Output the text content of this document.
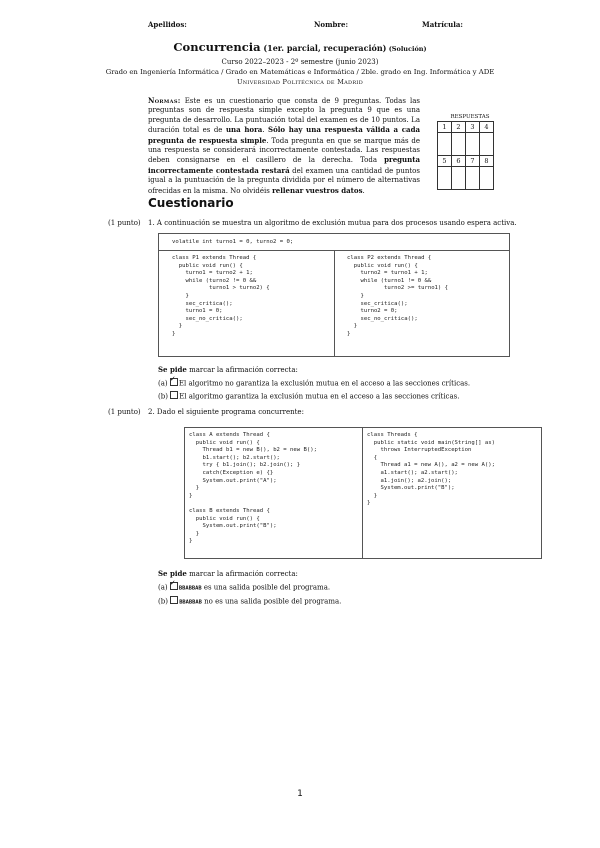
Apellidos:	Nombre:	Matrícula:
Concurrencia (1er. parcial, recuperación) (Solución)
Curso 2022–2023 - 2º semestre (junio 2023)
Grado en Ingeniería Informática / Grado en Matemáticas e Informática / 2ble. grado en Ing. Informática y ADE
Universidad Politécnica de Madrid
Normas: Este es un cuestionario que consta de 9 preguntas. Todas las preguntas son de respuesta simple excepto la pregunta 9 que es una pregunta de desarrollo. La puntuación total del examen es de 10 puntos. La duración total es de una hora. Sólo hay una respuesta válida a cada pregunta de respuesta simple. Toda pregunta en que se marque más de una respuesta se considerará incorrectamente contestada. Las respuestas deben consignarse en el casillero de la derecha. Toda pregunta incorrectamente contestada restará del examen una cantidad de puntos igual a la puntuación de la pregunta dividida por el número de alternativas ofrecidas en la misma. No olvidéis rellenar vuestros datos.
RESPUESTAS
1	2	3	4

5	6	7	8

Cuestionario
(1 punto) 1. A continuación se muestra un algoritmo de exclusión mutua para dos procesos usando espera activa.
volatile int turno1 = 0, turno2 = 0;
class P1 extends Thread {
public void run() {
turno1 = turno2 + 1;
while (turno2 != 0 &&
turno1 > turno2) {
}
sec_critica();
turno1 = 0;
sec_no_critica();
}
}
class P2 extends Thread {
public void run() {
turno2 = turno1 + 1;
while (turno1 != 0 &&
turno2 >= turno1) {
}
sec_critica();
turno2 = 0;
sec_no_critica();
}
}
Se pide marcar la afirmación correcta:
(a) ✓ El algoritmo no garantiza la exclusión mutua en el acceso a las secciones críticas.
(b) El algoritmo garantiza la exclusión mutua en el acceso a las secciones críticas.
(1 punto) 2. Dado el siguiente programa concurrente:
class A extends Thread {
public void run() {
Thread b1 = new B(), b2 = new B();
b1.start(); b2.start();
try { b1.join(); b2.join(); }
catch(Exception e) {}
System.out.print("A");
}
}

class B extends Thread {
public void run() {
System.out.print("B");
}
}
class Threads {
public static void main(String[] as)
throws InterruptedException
{
Thread a1 = new A(), a2 = new A();
a1.start(); a2.start();
a1.join(); a2.join();
System.out.print("B");
}
}
Se pide marcar la afirmación correcta:
(a) ✓ BBABBAB es una salida posible del programa.
(b) BBABBAB no es una salida posible del programa.
1
